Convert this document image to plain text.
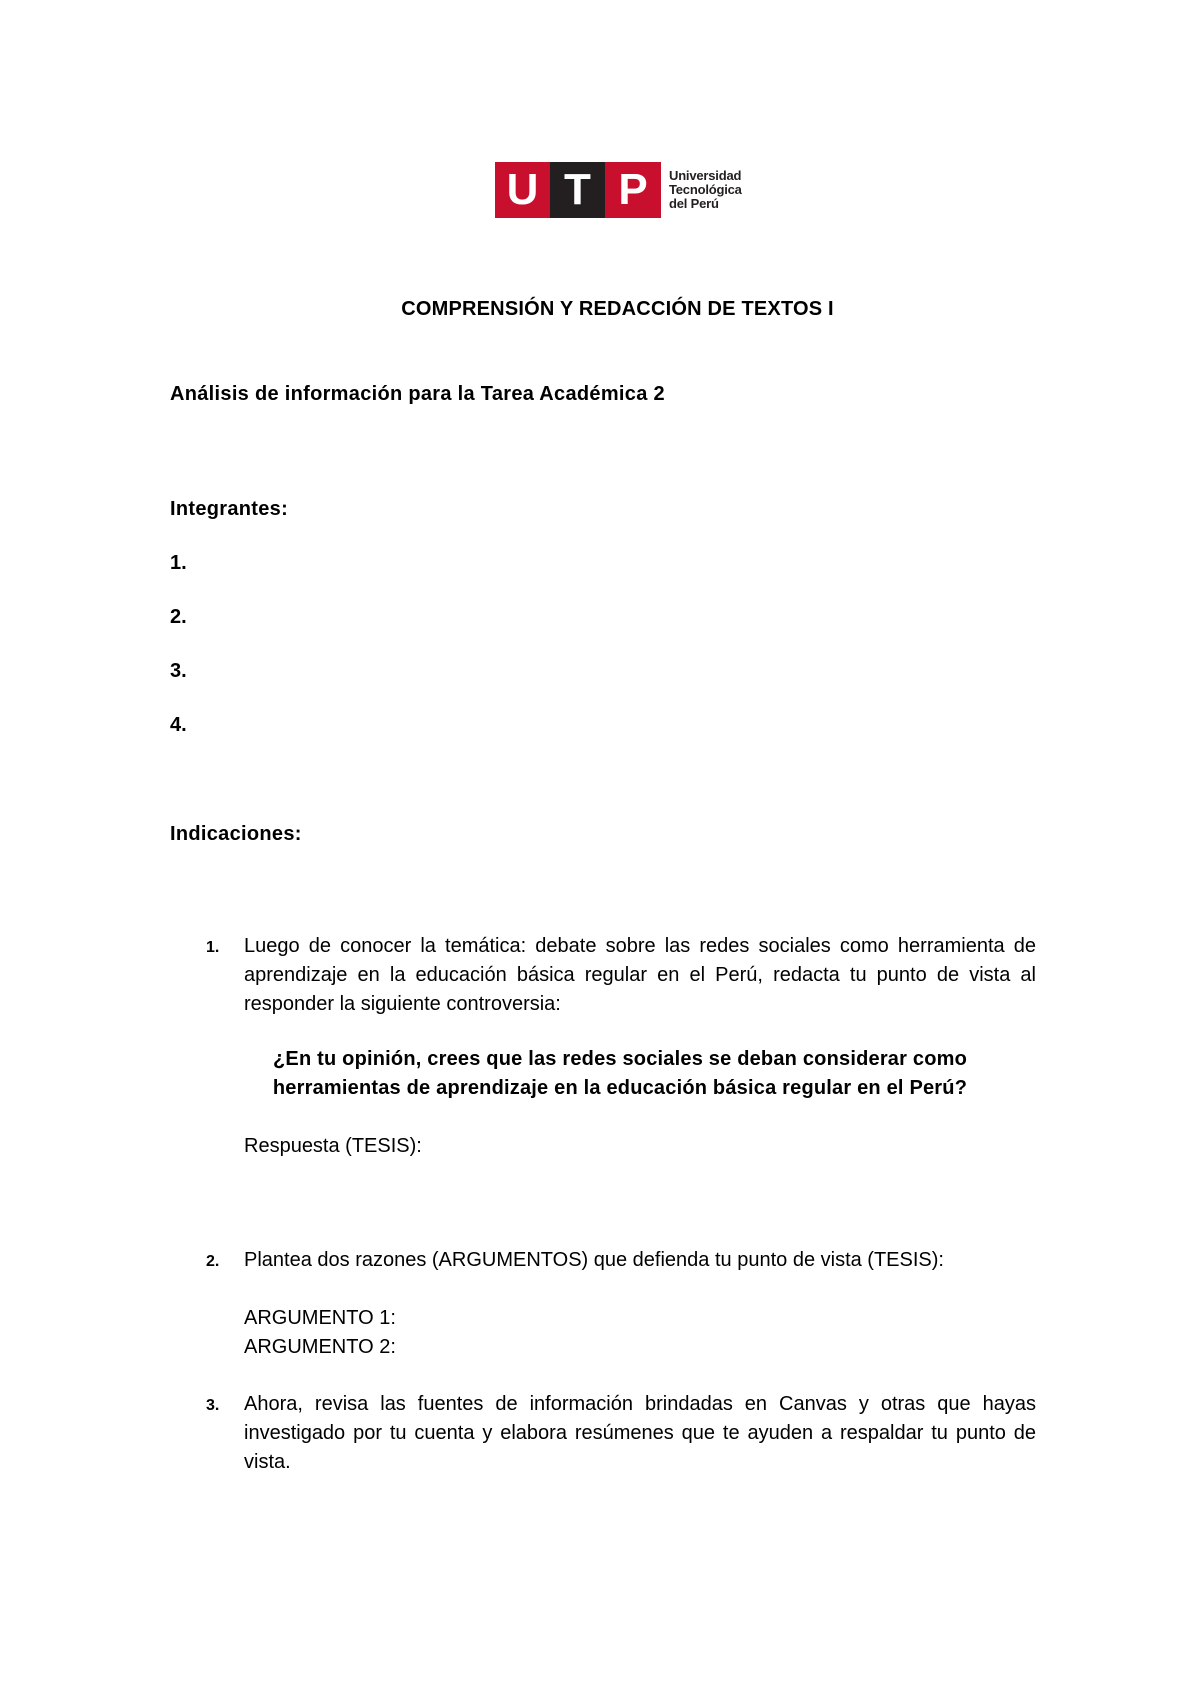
U T P	Universidad
Tecnológica
del Perú
COMPRENSIÓN Y REDACCIÓN DE TEXTOS I
Análisis de información para la Tarea Académica 2
Integrantes:
1.
2.
3.
4.
Indicaciones:
1.	Luego de conocer la temática: debate sobre las redes sociales como herramienta de aprendizaje en la educación básica regular en el Perú, redacta tu punto de vista al responder la siguiente controversia:
¿En tu opinión, crees que las redes sociales se deban considerar como herramientas de aprendizaje en la educación básica regular en el Perú?
Respuesta (TESIS):
2.	Plantea dos razones (ARGUMENTOS) que defienda tu punto de vista (TESIS):
ARGUMENTO 1:
ARGUMENTO 2:
3.	Ahora, revisa las fuentes de información brindadas en Canvas y otras que hayas investigado por tu cuenta y elabora resúmenes que te ayuden a respaldar tu punto de vista.
